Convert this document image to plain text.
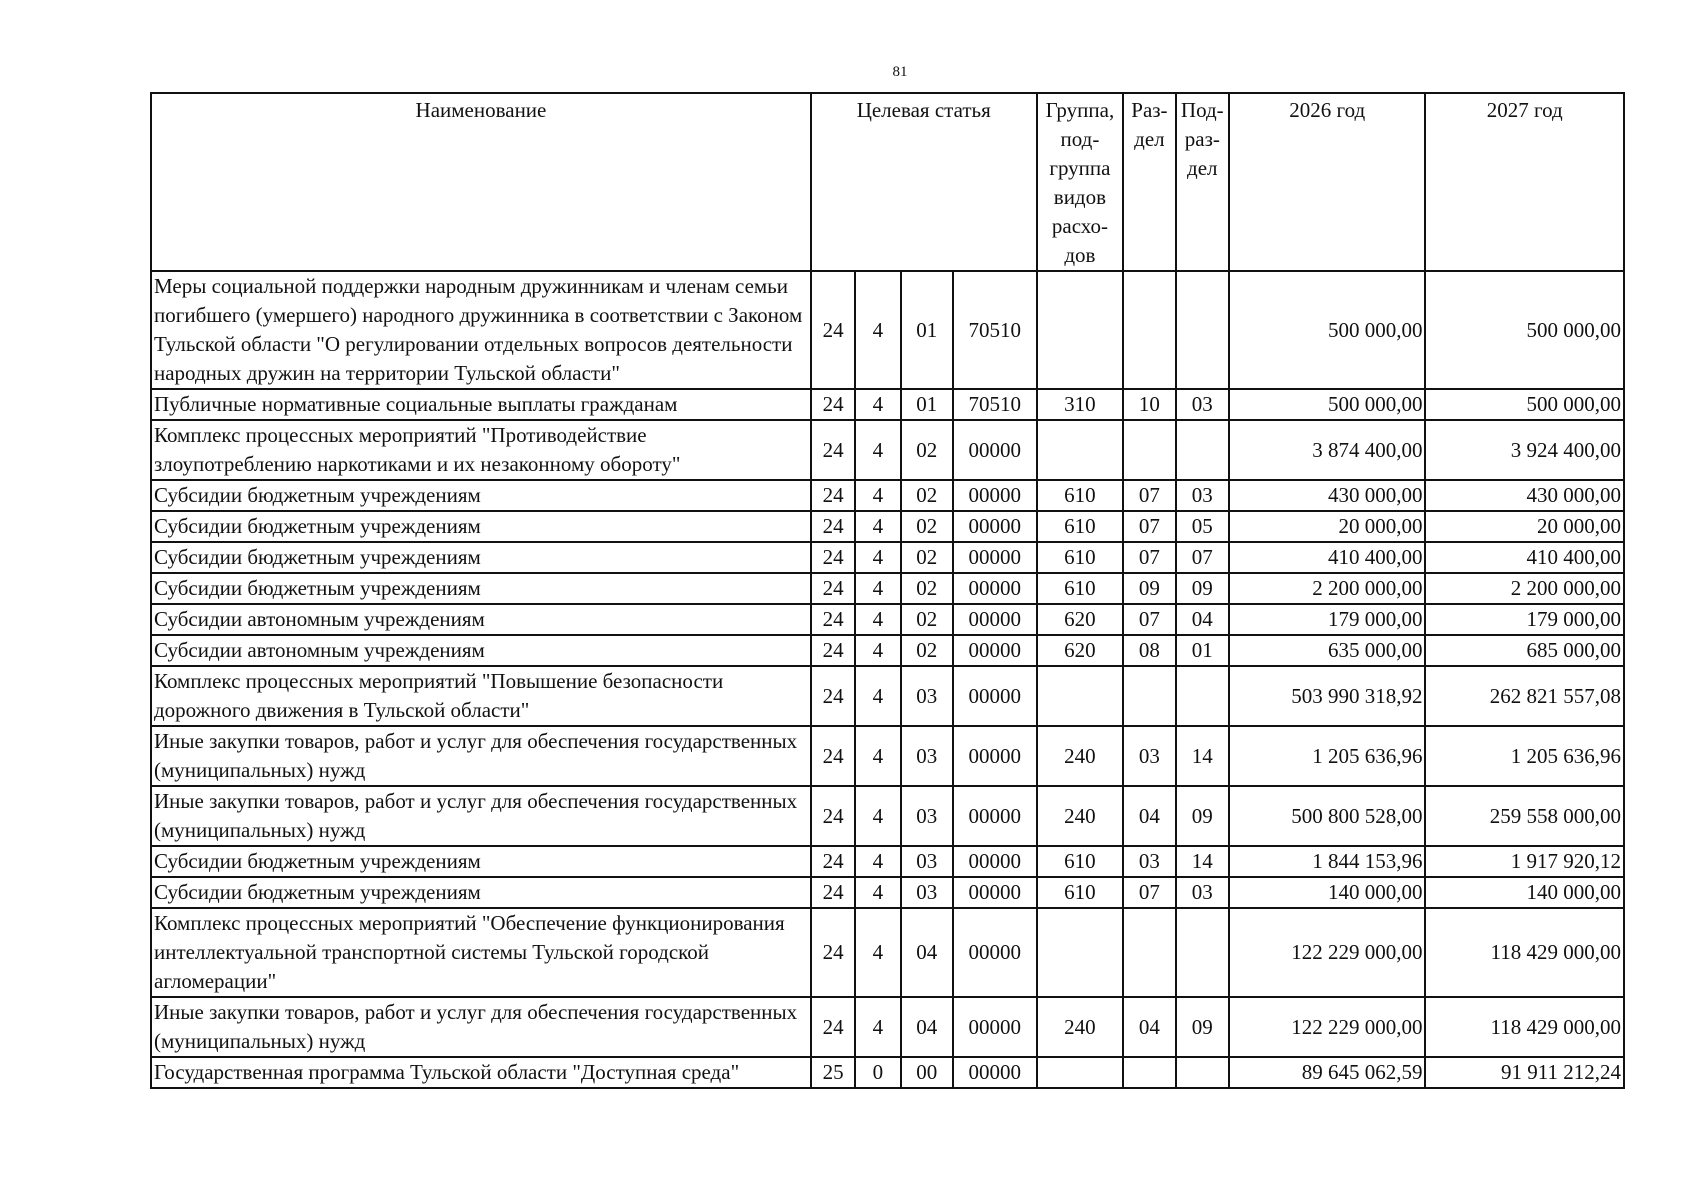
81
Наименование	Целевая статья				Группа, под- группа видов расхо- дов	Раз- дел	Под- раз- дел	2026 год	2027 год
Меры социальной поддержки народным дружинникам и членам семьи погибшего (умершего) народного дружинника в соответствии с Законом Тульской области "О регулировании отдельных вопросов деятельности народных дружин на территории Тульской области"	24	4	01	70510				500 000,00	500 000,00
Публичные нормативные социальные выплаты гражданам	24	4	01	70510	310	10	03	500 000,00	500 000,00
Комплекс процессных мероприятий "Противодействие злоупотреблению наркотиками и их незаконному обороту"	24	4	02	00000				3 874 400,00	3 924 400,00
Субсидии бюджетным учреждениям	24	4	02	00000	610	07	03	430 000,00	430 000,00
Субсидии бюджетным учреждениям	24	4	02	00000	610	07	05	20 000,00	20 000,00
Субсидии бюджетным учреждениям	24	4	02	00000	610	07	07	410 400,00	410 400,00
Субсидии бюджетным учреждениям	24	4	02	00000	610	09	09	2 200 000,00	2 200 000,00
Субсидии автономным учреждениям	24	4	02	00000	620	07	04	179 000,00	179 000,00
Субсидии автономным учреждениям	24	4	02	00000	620	08	01	635 000,00	685 000,00
Комплекс процессных мероприятий "Повышение безопасности дорожного движения в Тульской области"	24	4	03	00000				503 990 318,92	262 821 557,08
Иные закупки товаров, работ и услуг для обеспечения государственных (муниципальных) нужд	24	4	03	00000	240	03	14	1 205 636,96	1 205 636,96
Иные закупки товаров, работ и услуг для обеспечения государственных (муниципальных) нужд	24	4	03	00000	240	04	09	500 800 528,00	259 558 000,00
Субсидии бюджетным учреждениям	24	4	03	00000	610	03	14	1 844 153,96	1 917 920,12
Субсидии бюджетным учреждениям	24	4	03	00000	610	07	03	140 000,00	140 000,00
Комплекс процессных мероприятий "Обеспечение функционирования интеллектуальной транспортной системы Тульской городской агломерации"	24	4	04	00000				122 229 000,00	118 429 000,00
Иные закупки товаров, работ и услуг для обеспечения государственных (муниципальных) нужд	24	4	04	00000	240	04	09	122 229 000,00	118 429 000,00
Государственная программа Тульской области "Доступная среда"	25	0	00	00000				89 645 062,59	91 911 212,24
